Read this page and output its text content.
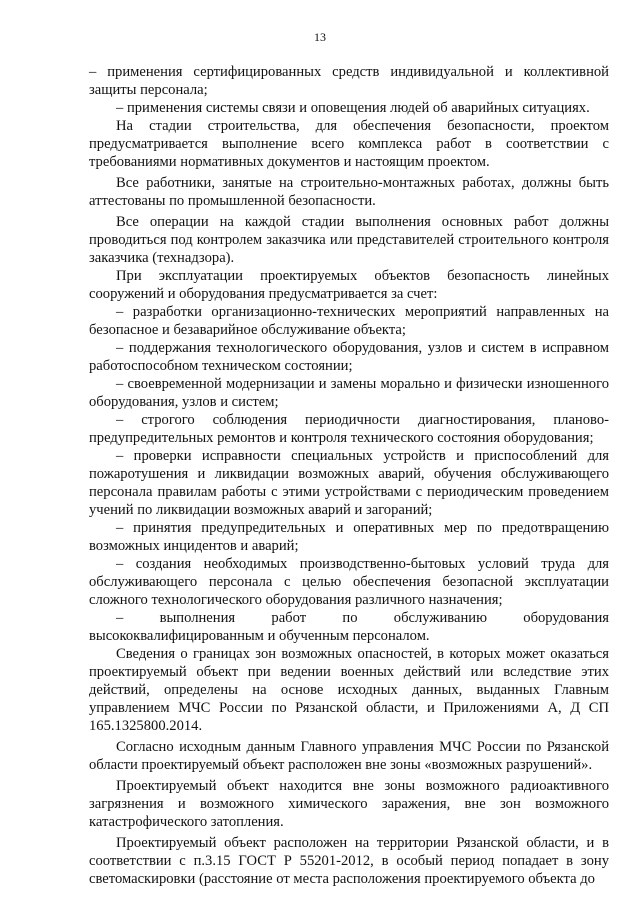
13

– применения сертифицированных средств индивидуальной и коллективной защиты персонала;

– применения системы связи и оповещения людей об аварийных ситуациях.

На стадии строительства, для обеспечения безопасности, проектом предусматривается выполнение всего комплекса работ в соответствии с требованиями нормативных документов и настоящим проектом.

Все работники, занятые на строительно-монтажных работах, должны быть аттестованы по промышленной безопасности.

Все операции на каждой стадии выполнения основных работ должны проводиться под контролем заказчика или представителей строительного контроля заказчика (технадзора).

При эксплуатации проектируемых объектов безопасность линейных сооружений и оборудования предусматривается за счет:

– разработки организационно-технических мероприятий направленных на безопасное и безаварийное обслуживание объекта;

– поддержания технологического оборудования, узлов и систем в исправном работоспособном техническом состоянии;

– своевременной модернизации и замены морально и физически изношенного оборудования, узлов и систем;

– строгого соблюдения периодичности диагностирования, планово-предупредительных ремонтов и контроля технического состояния оборудования;

– проверки исправности специальных устройств и приспособлений для пожаротушения и ликвидации возможных аварий, обучения обслуживающего персонала правилам работы с этими устройствами с периодическим проведением учений по ликвидации возможных аварий и загораний;

– принятия предупредительных и оперативных мер по предотвращению возможных инцидентов и аварий;

– создания необходимых производственно-бытовых условий труда для обслуживающего персонала с целью обеспечения безопасной эксплуатации сложного технологического оборудования различного назначения;

– выполнения работ по обслуживанию оборудования высококвалифицированным и обученным персоналом.

Сведения о границах зон возможных опасностей, в которых может оказаться проектируемый объект при ведении военных действий или вследствие этих действий, определены на основе исходных данных, выданных Главным управлением МЧС России по Рязанской области, и Приложениями А, Д СП 165.1325800.2014.

Согласно исходным данным Главного управления МЧС России по Рязанской области проектируемый объект расположен вне зоны «возможных разрушений».

Проектируемый объект находится вне зоны возможного радиоактивного загрязнения и возможного химического заражения, вне зон возможного катастрофического затопления.

Проектируемый объект расположен на территории Рязанской области, и в соответствии с п.3.15 ГОСТ Р 55201-2012, в особый период попадает в зону светомаскировки (расстояние от места расположения проектируемого объекта до
